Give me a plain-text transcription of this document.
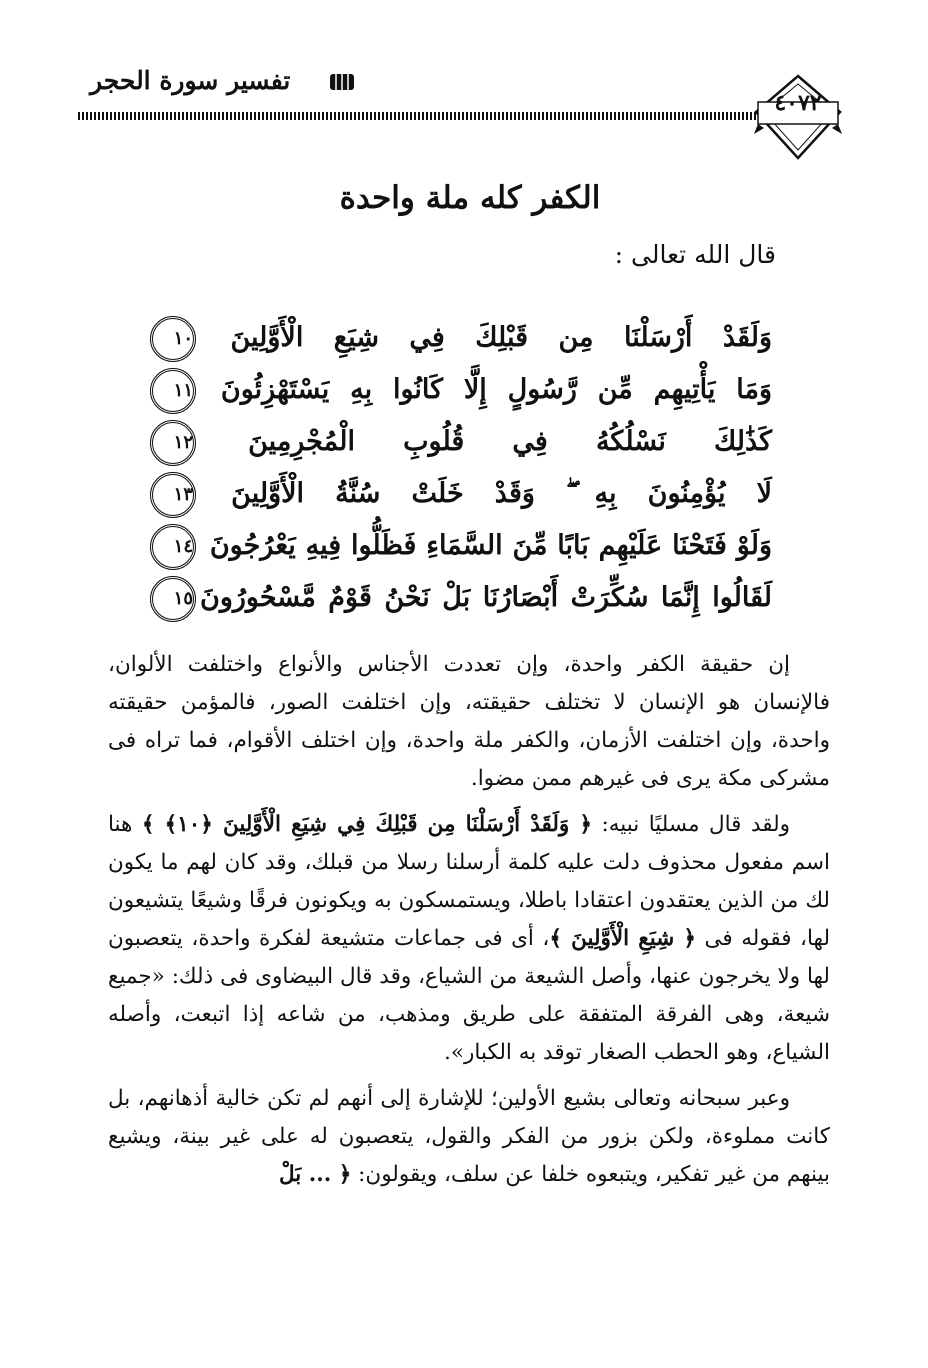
تفسير سورة الحجر
٤٠٧٢
الكفر كله ملة واحدة
قال الله تعالى :
وَلَقَدْ أَرْسَلْنَا مِن قَبْلِكَ فِي شِيَعِ الْأَوَّلِينَ ١٠
وَمَا يَأْتِيهِم مِّن رَّسُولٍ إِلَّا كَانُوا بِهِ يَسْتَهْزِئُونَ ١١
كَذَٰلِكَ نَسْلُكُهُ فِي قُلُوبِ الْمُجْرِمِينَ ١٢
لَا يُؤْمِنُونَ بِهِ ۖ وَقَدْ خَلَتْ سُنَّةُ الْأَوَّلِينَ ١٣
وَلَوْ فَتَحْنَا عَلَيْهِم بَابًا مِّنَ السَّمَاءِ فَظَلُّوا فِيهِ يَعْرُجُونَ ١٤
لَقَالُوا إِنَّمَا سُكِّرَتْ أَبْصَارُنَا بَلْ نَحْنُ قَوْمٌ مَّسْحُورُونَ١٥

إن حقيقة الكفر واحدة، وإن تعددت الأجناس والأنواع واختلفت الألوان، فالإنسان هو الإنسان لا تختلف حقيقته، وإن اختلفت الصور، فالمؤمن حقيقته واحدة، وإن اختلفت الأزمان، والكفر ملة واحدة، وإن اختلف الأقوام، فما تراه فى مشركى مكة يرى فى غيرهم ممن مضوا.

ولقد قال مسليًا نبيه: ﴿ وَلَقَدْ أَرْسَلْنَا مِن قَبْلِكَ فِي شِيَعِ الْأَوَّلِينَ ﴿١٠﴾ ﴾ هنا اسم مفعول محذوف دلت عليه كلمة أرسلنا رسلا من قبلك، وقد كان لهم ما يكون لك من الذين يعتقدون اعتقادا باطلا، ويستمسكون به ويكونون فرقًا وشيعًا يتشيعون لها، فقوله فى ﴿ شِيَعِ الْأَوَّلِينَ ﴾، أى فى جماعات متشيعة لفكرة واحدة، يتعصبون لها ولا يخرجون عنها، وأصل الشيعة من الشياع، وقد قال البيضاوى فى ذلك: «جميع شيعة، وهى الفرقة المتفقة على طريق ومذهب، من شاعه إذا اتبعت، وأصله الشياع، وهو الحطب الصغار توقد به الكبار».

وعبر سبحانه وتعالى بشيع الأولين؛ للإشارة إلى أنهم لم تكن خالية أذهانهم، بل كانت مملوءة، ولكن بزور من الفكر والقول، يتعصبون له على غير بينة، ويشيع بينهم من غير تفكير، ويتبعوه خلفا عن سلف، ويقولون: ﴿ ... بَلْ
